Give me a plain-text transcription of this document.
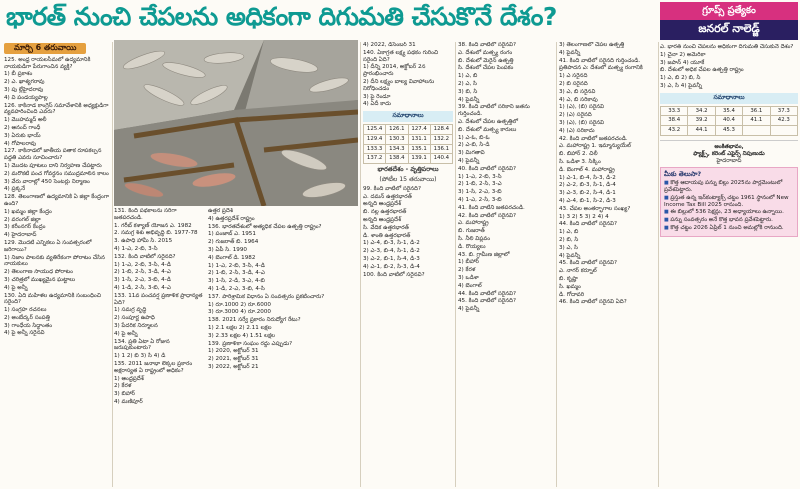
భారత్ నుంచి చేపలను అధికంగా దిగుమతి చేసుకొనే దేశం?	గ్రూప్స్ ప్రత్యేకం
జనరల్ నాలెడ్జ్
మార్చి 6 తరువాయి

125. అంధ్ర రాయలసీమలో ఉద్యమానికి నాయకుడిగా పేరుగాంచిన వ్యక్తి?

1) బీ ప్రకాశం

2) ఎ. ఖాశ్యగరావు

3) పు ల్లేహైదరావు

4) వి పండయ్యపాల్ల

126. కాకినాడ కాంగ్రెస్‌ సమావేశానికి అధ్యక్షుడిగా వ్యవహరించింది ఎవరు?

1) మొహమ్మద్ అలీ

2) ఆనంద్ గాంధీ

3) ఏరుకు భాయ్

4) గోపాలరావు

127. కాకినాడలో జాతీయ పతాక రూపకల్పన పద్దతి ఎవరు సూచించారు?

1) మొదట పూటలు దాని నిర్వహణ చేపట్టారు

2) మరొకటి పంచ గోవర్ధనం సముద్రమాలిన కాలం

3) వేరు వారాల్లో 450 సెంటర్లు నిర్మాణం

4) ప్రక్కనే

128. తెలంగాణలో ఉద్యమానికి ఏ జిల్లా కేంద్రంగా ఉంది?

1) ఖమ్మం జిల్లా కేంద్రం

2) వరంగల్‌ జిల్లా

3) కరీంనగర్‌ కేంద్రం

4) హైదరాబాద్

129. మొదటి ఎన్నికలు ఏ సంవత్సరంలో జరిగాయి?

1) నిజాం పాలనకు వ్యతిరేకంగా పోరాటం చేసిన నాయకులు

2) తెలంగాణ సాయుధ పోరాటం

3) చరిత్రలో ముఖ్యమైన ఘట్టాలు

4) పై అన్నీ

130. ఏది మహిళల ఉద్యమానికి సంబంధించి సరైంది?

1) సంగ్రహ రచనలు

2) అంబేద్కర్‌ సంపత్తి

3) గాంధేయ సిద్ధాంతం

4) పై అన్నీ సరైనవి

131. కింది పథకాలను సరిగా జతపరచండి.

1. గరీబ్‌ కళ్యాణ్‌ యోజన ఎ. 1982

2. సమగ్ర శిశు అభివృద్ధి బి. 1977-78

3. ఉపాధి హామీ సి. 2015

4) 1-ఎ, 2-బి, 3-సి

132. కింది వాటిలో సరైనది?

1) 1-ఎ, 2-బి, 3-సి, 4-డి

2) 1-బి, 2-సి, 3-డి, 4-ఎ

3) 1-సి, 2-ఎ, 3-బి, 4-డి

4) 1-డి, 2-సి, 3-బి, 4-ఎ

133. 11వ పంచవర్ష ప్రణాళిక ప్రాధాన్యత ఏది?

1) సమగ్ర వృద్ధి

2) సంపూర్ణ ఉపాధి

3) పేదరిక నిర్మూలన

4) పై అన్నీ

134. ప్రతి ఏటా ఏ రోజున జరుపుకుంటారు?

1) 1 2) బి 3) సి 4) డి

135. 2011 జనాభా లెక్కల ప్రకారం అక్షరాస్యత ఏ రాష్ట్రంలో అధికం?

1) ఆంధ్రప్రదేశ్‌

2) కేరళ

3) బిహార్‌

4) మణిపూర్‌

ఉత్తర ప్రదేశ్‌

4) ఉత్తరప్రదేశ్ రాష్ట్రం

136. భారతదేశంలో అత్యధిక చేపల ఉత్పత్తి రాష్ట్రం?

1) పంజాబ్ ఎ. 1951

2) గుజరాత్ బి. 1964

3) ఏపీ సి. 1990

4) బెంగాల్‌ డి. 1982

1) 1-ఎ, 2-బి, 3-సి, 4-డి

2) 1-బి, 2-సి, 3-డి, 4-ఎ

3) 1-సి, 2-డి, 3-ఎ, 4-బి

4) 1-డి, 2-ఎ, 3-బి, 4-సి

137. పారిశ్రామిక విధానం ఏ సంవత్సరం ప్రకటించారు?

1) రూ.1000 2) రూ.6000

3) రూ.3000 4) రూ.2000

138. 2021 సర్వే ప్రకారం నిరుద్యోగ రేటు?

1) 2.1 లక్షల 2) 2.11 లక్షల

3) 2.33 లక్షల 4) 1.51 లక్షల

139. ప్రణాళికా సంఘం రద్దు ఎప్పుడు?

1) 2020, అక్టోబర్‌ 31

2) 2021, అక్టోబర్‌ 31

3) 2022, అక్టోబర్‌ 21

4) 2022, డిసెంబర్‌ 31

140. ఏకాగ్రత లక్ష్య పథకం గురించి సరైంది ఏది?

1) దీన్ని 2014, అక్టోబర్‌ 2న ప్రారంభించారు

2) దీని లక్ష్యం బాల్య వివాహాలను నిరోధించడం

3) పై రెండూ

4) ఏదీ కాదు

సమాధానాలు
125.4	126.1	127.4	128.4
129.4	130.3	131.1	132.2
133.3	134.3	135.1	136.1
137.2	138.4	139.1	140.4
భారతదేశం - వృత్తిపరాలు
(పోటీల 15 తరువాయి)

99. కింది వాటిలో సరైనది?

ఎ. దమన్‌ ఉత్తరభారత్

అన్నది ఆంధ్రప్రదేశ్

బి. నల్ల ఉత్తరభారత్

అన్నది ఆంధ్రప్రదేశ్

సి. వేదిక ఉత్తరభారత్

డి. శాంతి ఉత్తరభారత్

1) ఎ-4, బి-3, సి-1, డి-2

2) ఎ-3, బి-4, సి-1, డి-2

3) ఎ-2, బి-1, సి-4, డి-3

4) ఎ-1, బి-2, సి-3, డి-4

100. కింది వాటిలో సరైనవి?

38. కింది వాటిలో సరైనవి?

ఎ. దేశంలో మత్స్య రంగం

బి. దేశంలో మెరైన్ ఉత్పత్తి

సి. దేశంలో చేపల పెంపకం

1) ఎ, బి

2) ఎ, సి

3) బి, సి

4) పైవన్నీ

39. కింది వాటిలో సరికాని జతను గుర్తించండి.

ఎ. దేశంలో చేపల ఉత్పత్తిలో

బి. దేశంలో మత్స్య కారులు

1) ఎ-ఓ, బి-ఓ

2) ఎ-బి, సి-డి

3) మిగతావి

4) పైవన్నీ

40. కింది వాటిలో సరైనవి?

1) 1-ఎ, 2-బి, 3-సి

2) 1-బి, 2-సి, 3-ఎ

3) 1-సి, 2-ఎ, 3-బి

4) 1-ఎ, 2-సి, 3-బి

41. కింది వాటిని జతపరచండి.

42. కింది వాటిలో సరైనవి?

ఎ. మహారాష్ట్ర

బి. గుజరాత్

సి. నీలి విప్లవం

డి. రొయ్యలు

43. బి. గ్రామీణ జిల్లాలో

1) బీహార్

2) కేరళ

3) ఒడిశా

4) బెంగాల్

44. కింది వాటిలో సరైనవి?

45. కింది వాటిలో సరైనది?

4) పైవన్నీ

3) తెలంగాణలో చేపల ఉత్పత్తి

4) పైవన్నీ

41. కింది వాటిలో సరైనది గుర్తించండి.

ప్రతిపాదన ఎ: దేశంలో మత్స్య రంగానికి

1) ఎ సరైనది

2) బి సరైనది

3) ఎ, బి సరైనవి

4) ఎ, బి సరికావు

1) (ఎ), (బి) సరైనవి

2) (ఎ) సరైనది

3) (ఎ), (బి) సరైనవి

4) (ఎ) సరికాదు

42. కింది వాటిలో జతపరచండి.

ఎ. మహారాష్ట్ర 1. ఇమ్మాన్యుయేల్‌

బి. బిహార్ 2. చిలీ

సి. ఒడిశా 3. సిక్కిం

డి. బెంగాల్ 4. మహారాష్ట్ర

1) ఎ-1, బి-4, సి-3, డి-2

2) ఎ-2, బి-3, సి-1, డి-4

3) ఎ-3, బి-2, సి-4, డి-1

4) ఎ-4, బి-1, సి-2, డి-3

43. చేపల అంతర్భాగాల సంఖ్య?

1) 3 2) 5 3) 2 4) 4

44. కింది వాటిలో సరైనవి?

1) ఎ, బి

2) బి, సి

3) ఎ, సి

4) పైవన్నీ

45. కింది వాటిలో సరైనవి?

ఎ. నాగర్‌ కర్నూల్

బి. కృష్ణా

సి. ఖమ్మం

డి. గోదావరి

46. కింది వాటిలో సరైనవి ఏది?

ఎ. భారత్ నుంచి చేపలను అధికంగా దిగుమతి చేసుకునే దేశం?

1) చైనా 2) అమెరికా

3) జపాన్‌ 4) యూకే

బి. దేశంలో అధిక చేపల ఉత్పత్తి రాష్ట్రం

1) ఎ, బి 2) బి, సి

3) ఎ, సి 4) పైవన్నీ

సమాధానాలు
33.3	34.2	35.4	36.1	37.3
38.4	39.2	40.4	41.1	42.3
43.2	44.1	45.3		
అంకితభావం,
ఫ్యాక్ట్స్, కరెంట్ ఎఫైర్స్‌ నిపుణుడు
హైదరాబాద్
మీకు తెలుసా?
■ కొత్త ఆదాయపు పన్ను బిల్లు 2025ను పార్లమెంటులో ప్రవేశపెట్టారు.
■ ప్రస్తుత ఉన్న ఇన్‌కంట్యాక్స్‌ చట్టం 1961 స్థానంలో New Income Tax Bill 2025 రానుంది.
■ ఈ బిల్లులో 536 సెక్షన్లు, 23 అధ్యాయాలు ఉన్నాయి.
■ పన్ను సంవత్సరం అనే కొత్త భావన ప్రవేశపెట్టారు.
■ కొత్త చట్టం 2026 ఏప్రిల్ 1 నుంచి అమల్లోకి రానుంది.
